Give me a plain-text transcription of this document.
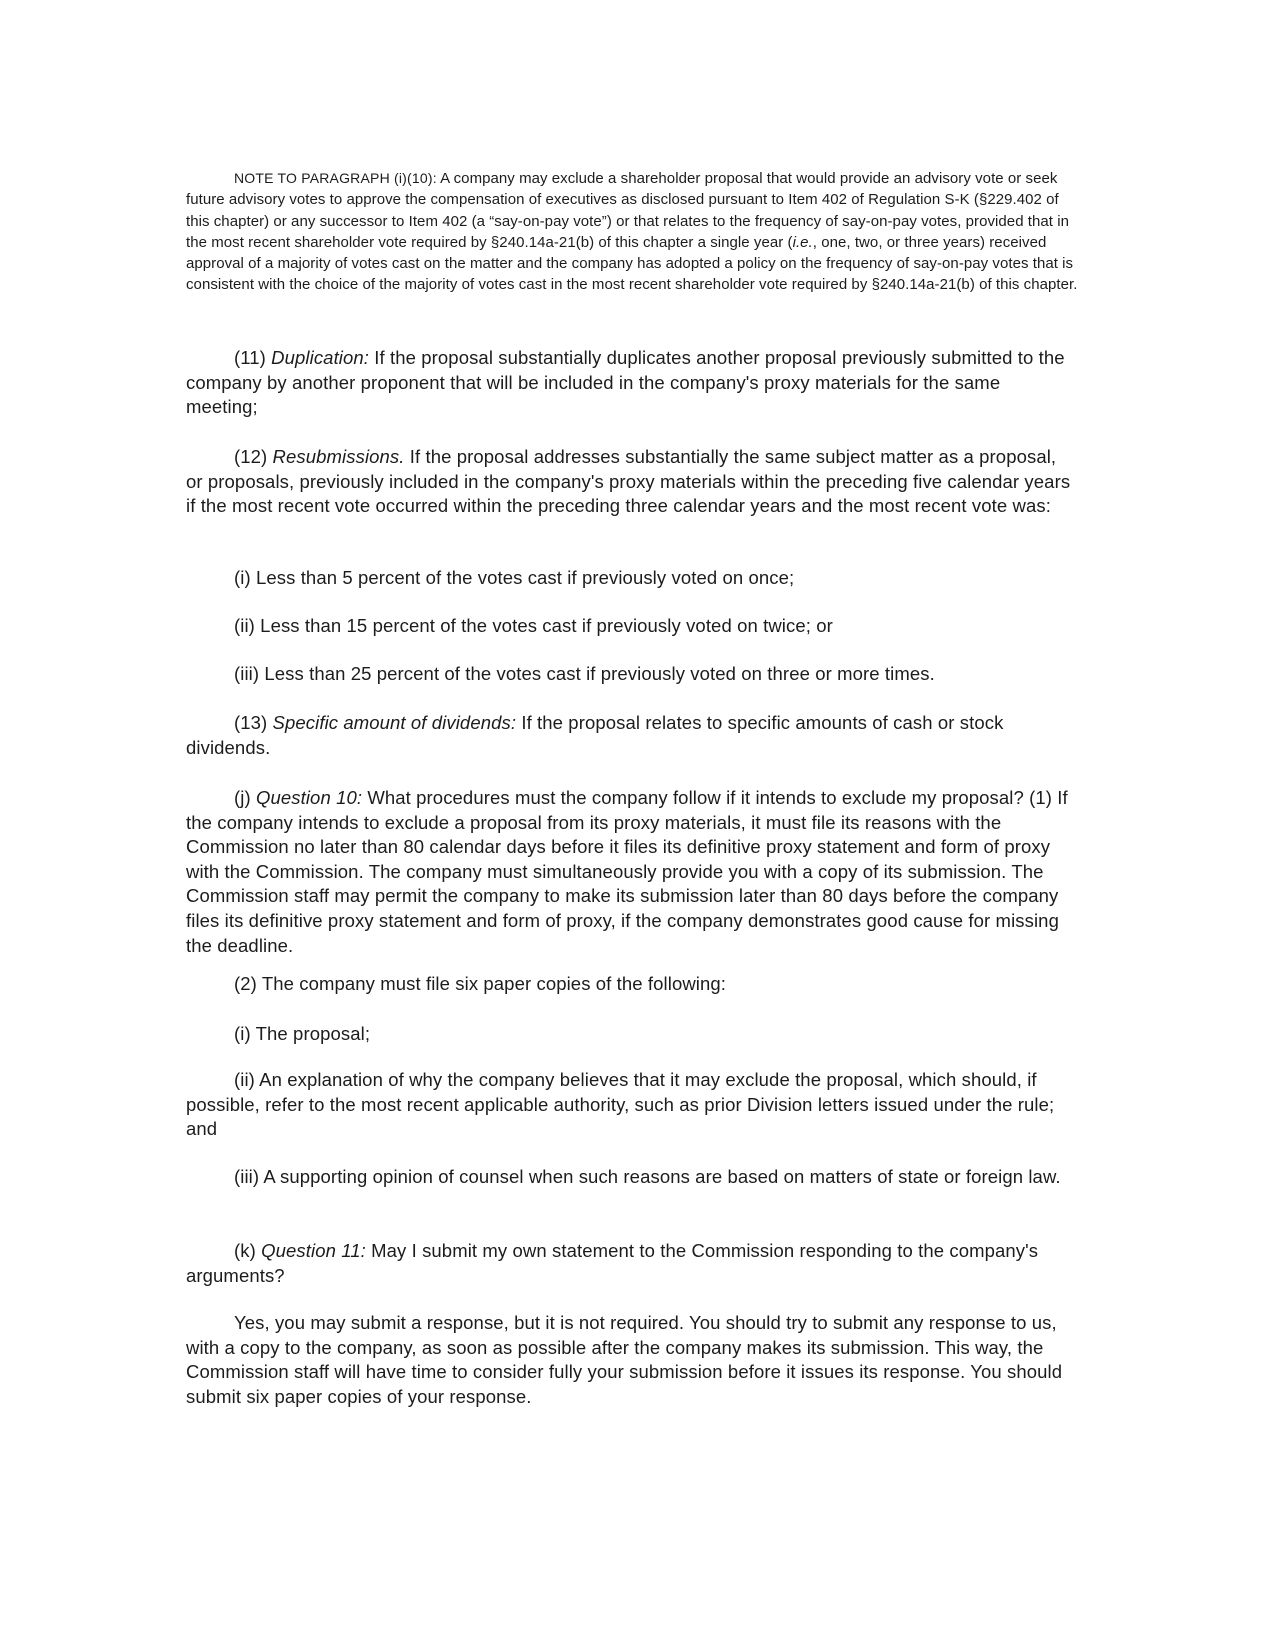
NOTE TO PARAGRAPH (i)(10): A company may exclude a shareholder proposal that would provide an advisory vote or seek future advisory votes to approve the compensation of executives as disclosed pursuant to Item 402 of Regulation S-K (§229.402 of this chapter) or any successor to Item 402 (a “say-on-pay vote”) or that relates to the frequency of say-on-pay votes, provided that in the most recent shareholder vote required by §240.14a-21(b) of this chapter a single year (i.e., one, two, or three years) received approval of a majority of votes cast on the matter and the company has adopted a policy on the frequency of say-on-pay votes that is consistent with the choice of the majority of votes cast in the most recent shareholder vote required by §240.14a-21(b) of this chapter.

(11) Duplication: If the proposal substantially duplicates another proposal previously submitted to the company by another proponent that will be included in the company's proxy materials for the same meeting;

(12) Resubmissions. If the proposal addresses substantially the same subject matter as a proposal, or proposals, previously included in the company's proxy materials within the preceding five calendar years if the most recent vote occurred within the preceding three calendar years and the most recent vote was:

(i) Less than 5 percent of the votes cast if previously voted on once;

(ii) Less than 15 percent of the votes cast if previously voted on twice; or

(iii) Less than 25 percent of the votes cast if previously voted on three or more times.

(13) Specific amount of dividends: If the proposal relates to specific amounts of cash or stock dividends.

(j) Question 10: What procedures must the company follow if it intends to exclude my proposal? (1) If the company intends to exclude a proposal from its proxy materials, it must file its reasons with the Commission no later than 80 calendar days before it files its definitive proxy statement and form of proxy with the Commission. The company must simultaneously provide you with a copy of its submission. The Commission staff may permit the company to make its submission later than 80 days before the company files its definitive proxy statement and form of proxy, if the company demonstrates good cause for missing the deadline.

(2) The company must file six paper copies of the following:

(i) The proposal;

(ii) An explanation of why the company believes that it may exclude the proposal, which should, if possible, refer to the most recent applicable authority, such as prior Division letters issued under the rule; and

(iii) A supporting opinion of counsel when such reasons are based on matters of state or foreign law.

(k) Question 11: May I submit my own statement to the Commission responding to the company's arguments?

Yes, you may submit a response, but it is not required. You should try to submit any response to us, with a copy to the company, as soon as possible after the company makes its submission. This way, the Commission staff will have time to consider fully your submission before it issues its response. You should submit six paper copies of your response.
